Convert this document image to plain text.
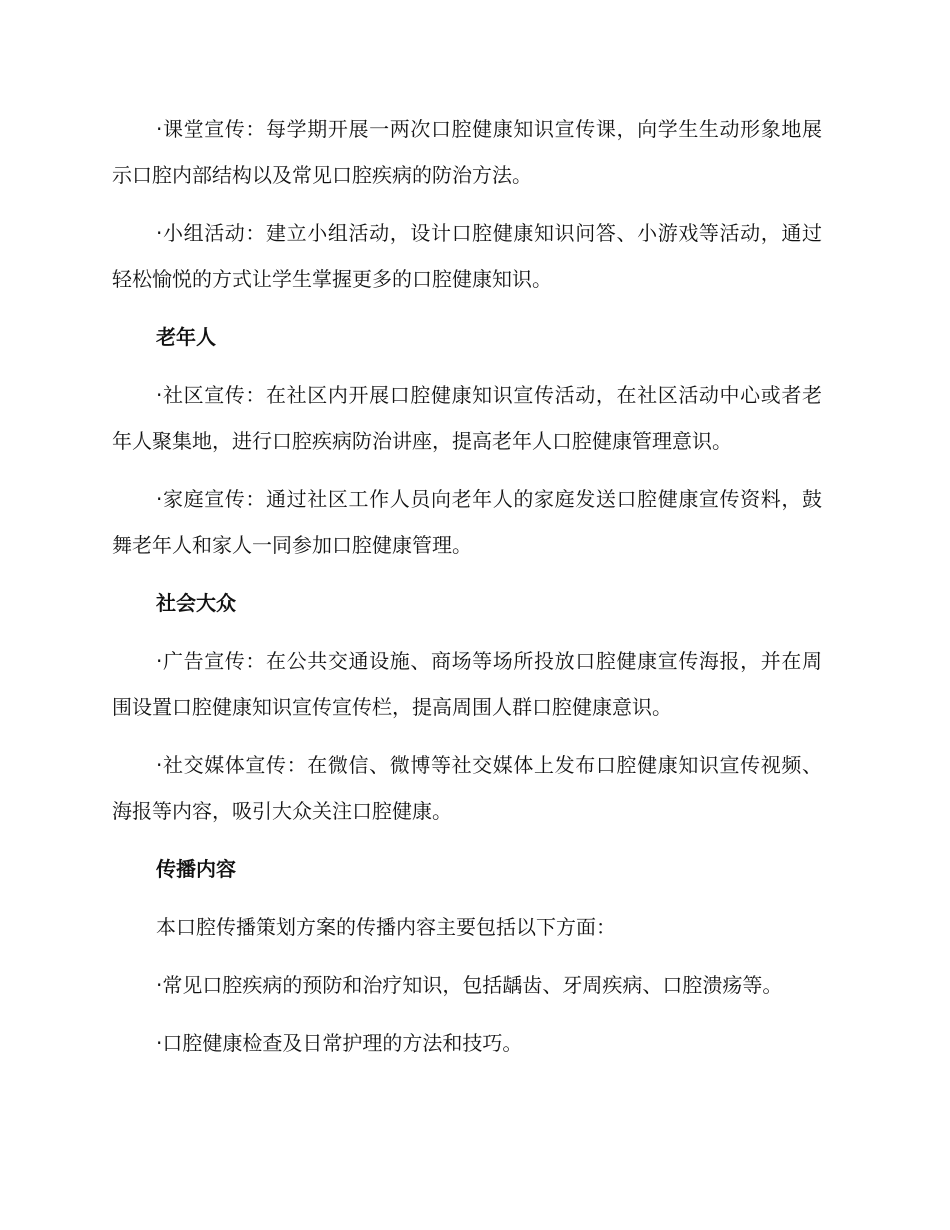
·课堂宣传：每学期开展一两次口腔健康知识宣传课，向学生生动形象地展示口腔内部结构以及常见口腔疾病的防治方法。

·小组活动：建立小组活动，设计口腔健康知识问答、小游戏等活动，通过轻松愉悦的方式让学生掌握更多的口腔健康知识。

老年人

·社区宣传：在社区内开展口腔健康知识宣传活动，在社区活动中心或者老年人聚集地，进行口腔疾病防治讲座，提高老年人口腔健康管理意识。

·家庭宣传：通过社区工作人员向老年人的家庭发送口腔健康宣传资料，鼓舞老年人和家人一同参加口腔健康管理。

社会大众

·广告宣传：在公共交通设施、商场等场所投放口腔健康宣传海报，并在周围设置口腔健康知识宣传宣传栏，提高周围人群口腔健康意识。

·社交媒体宣传：在微信、微博等社交媒体上发布口腔健康知识宣传视频、海报等内容，吸引大众关注口腔健康。

传播内容

本口腔传播策划方案的传播内容主要包括以下方面：

·常见口腔疾病的预防和治疗知识，包括龋齿、牙周疾病、口腔溃疡等。

·口腔健康检查及日常护理的方法和技巧。
